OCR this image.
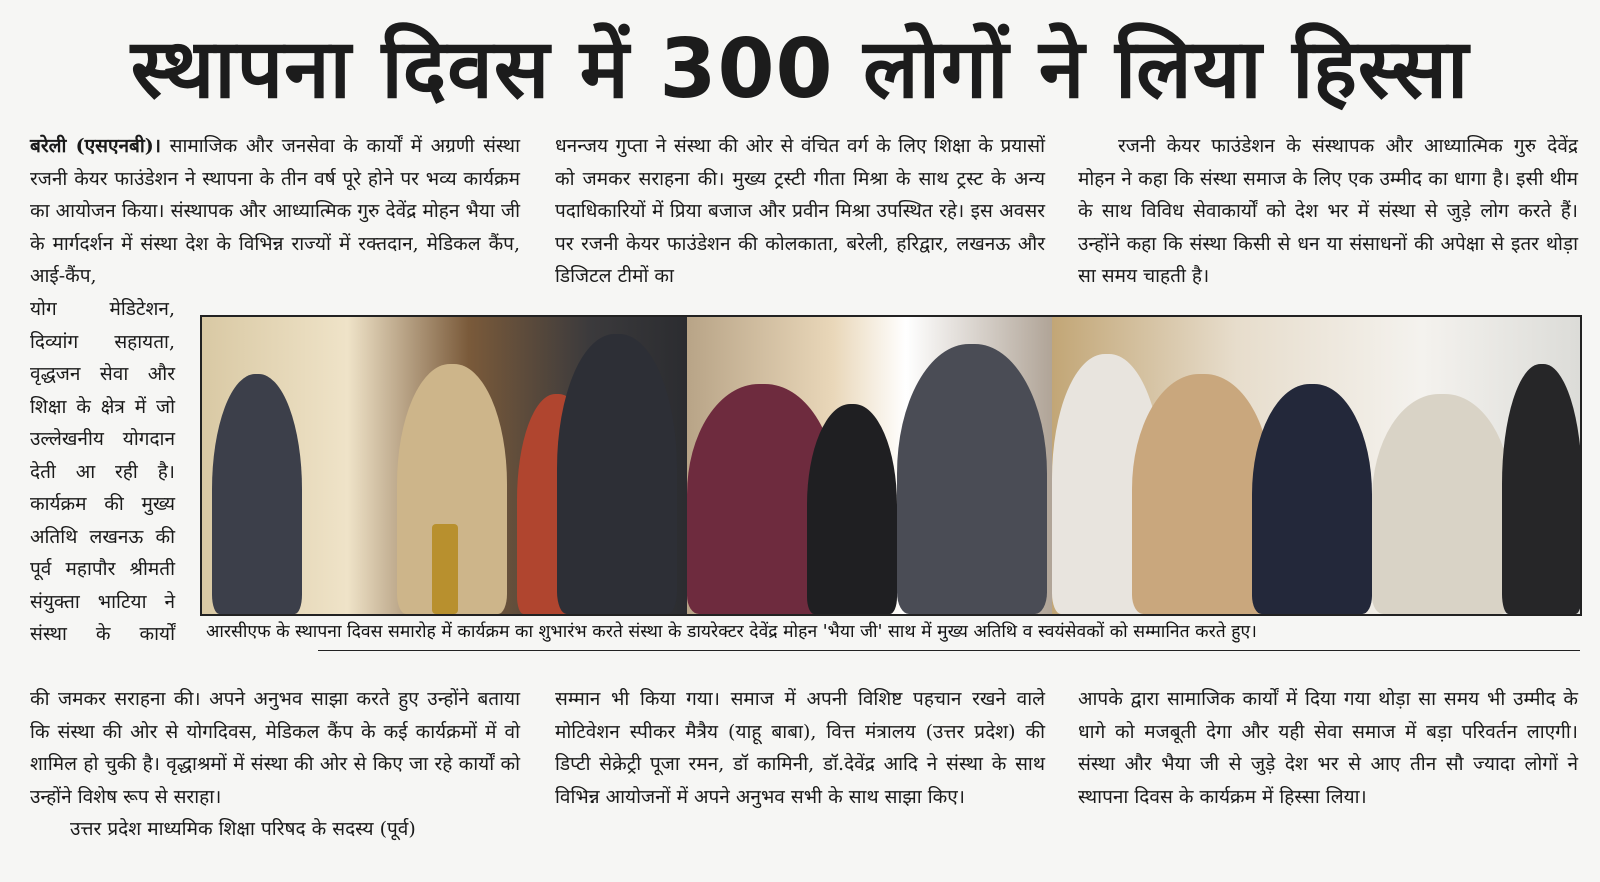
स्थापना दिवस में 300 लोगों ने लिया हिस्सा

बरेली (एसएनबी)। सामाजिक और जनसेवा के कार्यों में अग्रणी संस्था रजनी केयर फाउंडेशन ने स्थापना के तीन वर्ष पूरे होने पर भव्य कार्यक्रम का आयोजन किया। संस्थापक और आध्यात्मिक गुरु देवेंद्र मोहन भैया जी के मार्गदर्शन में संस्था देश के विभिन्न राज्यों में रक्तदान, मेडिकल कैंप, आई-कैंप,

योग मेडिटेशन, दिव्यांग सहायता, वृद्धजन सेवा और शिक्षा के क्षेत्र में जो उल्लेखनीय योगदान देती आ रही है। कार्यक्रम की मुख्य अतिथि लखनऊ की पूर्व महापौर श्रीमती संयुक्ता भाटिया ने संस्था के कार्यों

धनन्जय गुप्ता ने संस्था की ओर से वंचित वर्ग के लिए शिक्षा के प्रयासों को जमकर सराहना की। मुख्य ट्रस्टी गीता मिश्रा के साथ ट्रस्ट के अन्य पदाधिकारियों में प्रिया बजाज और प्रवीन मिश्रा उपस्थित रहे। इस अवसर पर रजनी केयर फाउंडेशन की कोलकाता, बरेली, हरिद्वार, लखनऊ और डिजिटल टीमों का

रजनी केयर फाउंडेशन के संस्थापक और आध्यात्मिक गुरु देवेंद्र मोहन ने कहा कि संस्था समाज के लिए एक उम्मीद का धागा है। इसी थीम के साथ विविध सेवाकार्यों को देश भर में संस्था से जुड़े लोग करते हैं। उन्होंने कहा कि संस्था किसी से धन या संसाधनों की अपेक्षा से इतर थोड़ा सा समय चाहती है।

आरसीएफ के स्थापना दिवस समारोह में कार्यक्रम का शुभारंभ करते संस्था के डायरेक्टर देवेंद्र मोहन 'भैया जी' साथ में मुख्य अतिथि व स्वयंसेवकों को सम्मानित करते हुए।

की जमकर सराहना की। अपने अनुभव साझा करते हुए उन्होंने बताया कि संस्था की ओर से योगदिवस, मेडिकल कैंप के कई कार्यक्रमों में वो शामिल हो चुकी है। वृद्धाश्रमों में संस्था की ओर से किए जा रहे कार्यों को उन्होंने विशेष रूप से सराहा।

उत्तर प्रदेश माध्यमिक शिक्षा परिषद के सदस्य (पूर्व)

सम्मान भी किया गया। समाज में अपनी विशिष्ट पहचान रखने वाले मोटिवेशन स्पीकर मैत्रैय (याहू बाबा), वित्त मंत्रालय (उत्तर प्रदेश) की डिप्टी सेक्रेट्री पूजा रमन, डॉ कामिनी, डॉ.देवेंद्र आदि ने संस्था के साथ विभिन्न आयोजनों में अपने अनुभव सभी के साथ साझा किए।

आपके द्वारा सामाजिक कार्यों में दिया गया थोड़ा सा समय भी उम्मीद के धागे को मजबूती देगा और यही सेवा समाज में बड़ा परिवर्तन लाएगी। संस्था और भैया जी से जुड़े देश भर से आए तीन सौ ज्यादा लोगों ने स्थापना दिवस के कार्यक्रम में हिस्सा लिया।
